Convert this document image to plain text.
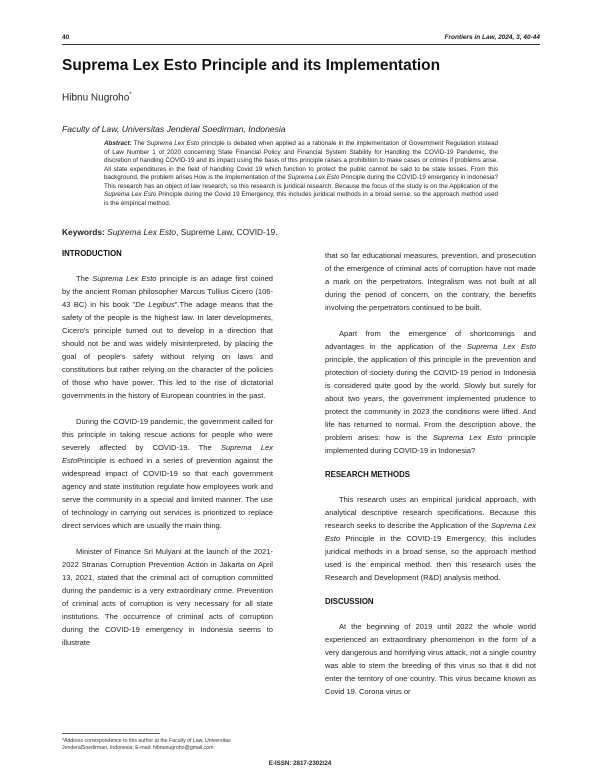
40	Frontiers in Law, 2024, 3, 40-44
Suprema Lex Esto Principle and its Implementation
Hibnu Nugroho*
Faculty of Law, Universitas Jenderal Soedirman, Indonesia
Abstract: The Suprema Lex Esto principle is debated when applied as a rationale in the implementation of Government Regulation instead of Law Number 1 of 2020 concerning State Financial Policy and Financial System Stability for Handling the COVID-19 Pandemic, the discretion of handling COVID-19 and its impact using the basis of this principle raises a prohibition to make cases or crimes if problems arise. All state expenditures in the field of handling Covid 19 which function to protect the public cannot be said to be state losses. From this background, the problem arises How is the Implementation of the Suprema Lex Esto Principle during the COVID-19 emergency in Indonesia? This research has an object of law research, so this research is juridical research. Because the focus of the study is on the Application of the Suprema Lex Esto Principle during the Covid 19 Emergency, this includes juridical methods in a broad sense, so the approach method used is the empirical method.
Keywords: Suprema Lex Esto, Supreme Law, COVID-19.
INTRODUCTION

The Suprema Lex Esto principle is an adage first coined by the ancient Roman philosopher Marcus Tullius Cicero (106-43 BC) in his book "De Legibus".The adage means that the safety of the people is the highest law. In later developments, Cicero's principle turned out to develop in a direction that should not be and was widely misinterpreted, by placing the goal of people's safety without relying on laws and constitutions but rather relying on the character of the policies of those who have power. This led to the rise of dictatorial governments in the history of European countries in the past.

During the COVID-19 pandemic, the government called for this principle in taking rescue actions for people who were severely affected by COVID-19. The Suprema Lex EstoPrinciple is echoed in a series of prevention against the widespread impact of COVID-19 so that each government agency and state institution regulate how employees work and serve the community in a special and limited manner. The use of technology in carrying out services is prioritized to replace direct services which are usually the main thing.

Minister of Finance Sri Mulyani at the launch of the 2021-2022 Stranas Corruption Prevention Action in Jakarta on April 13, 2021, stated that the criminal act of corruption committed during the pandemic is a very extraordinary crime. Prevention of criminal acts of corruption is very necessary for all state institutions. The occurrence of criminal acts of corruption during the COVID-19 emergency in Indonesia seems to illustrate

that so far educational measures, prevention, and prosecution of the emergence of criminal acts of corruption have not made a mark on the perpetrators. Integralism was not built at all during the period of concern, on the contrary, the benefits involving the perpetrators continued to be built.

Apart from the emergence of shortcomings and advantages in the application of the Suprema Lex Esto principle, the application of this principle in the prevention and protection of society during the COVID-19 period in Indonesia is considered quite good by the world. Slowly but surely for about two years, the government implemented prudence to protect the community in 2023 the conditions were lifted. And life has returned to normal. From the description above, the problem arises: how is the Suprema Lex Esto principle implemented during COVID-19 in Indonesia?

RESEARCH METHODS

This research uses an empirical juridical approach, with analytical descriptive research specifications. Because this research seeks to describe the Application of the Suprema Lex Esto Principle in the COVID-19 Emergency, this includes juridical methods in a broad sense, so the approach method used is the empirical method. then this research uses the Research and Development (R&D) analysis method.

DISCUSSION

At the beginning of 2019 until 2022 the whole world experienced an extraordinary phenomenon in the form of a very dangerous and horrifying virus attack, not a single country was able to stem the breeding of this virus so that it did not enter the territory of one country. This virus became known as Covid 19. Corona virus or

*Address correspondence to this author at the Faculty of Law, Universitas JenderalSoedirman, Indonesia; E-mail: hibnunugroho@gmail.com
E-ISSN: 2817-2302/24
